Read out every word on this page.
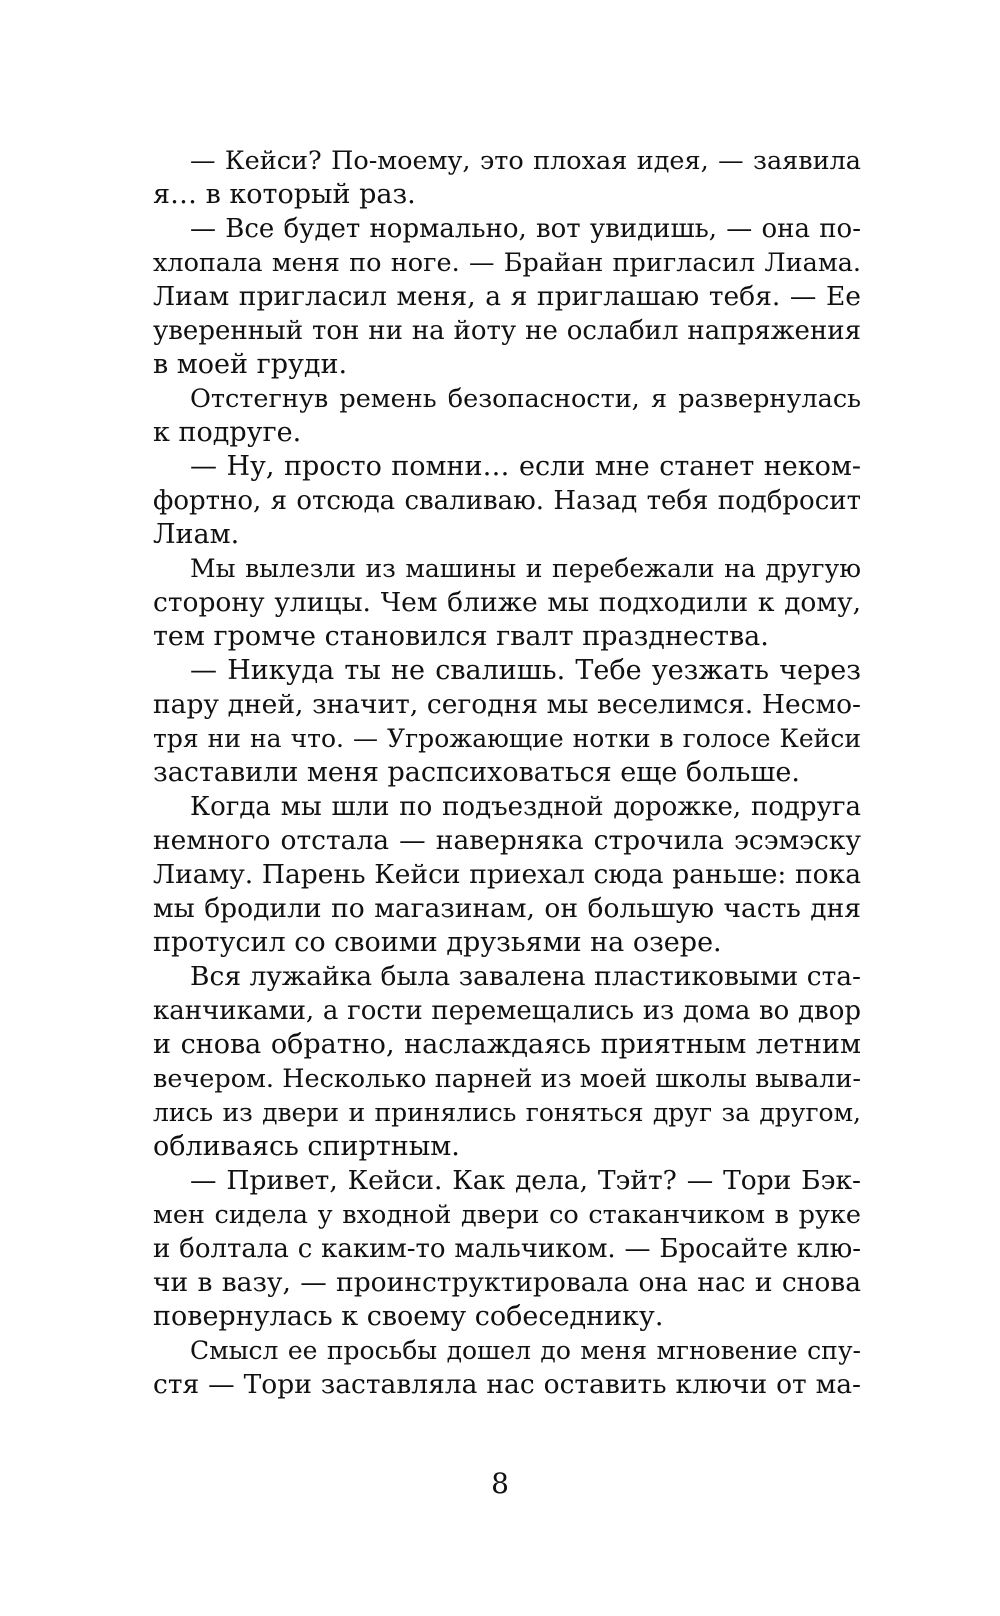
— Кейси? По-моему, это плохая идея, — заявила
я… в который раз.
— Все будет нормально, вот увидишь, — она по-
хлопала меня по ноге. — Брайан пригласил Лиама.
Лиам пригласил меня, а я приглашаю тебя. — Ее
уверенный тон ни на йоту не ослабил напряжения
в моей груди.
Отстегнув ремень безопасности, я развернулась
к подруге.
— Ну, просто помни… если мне станет неком-
фортно, я отсюда сваливаю. Назад тебя подбросит
Лиам.
Мы вылезли из машины и перебежали на другую
сторону улицы. Чем ближе мы подходили к дому,
тем громче становился гвалт празднества.
— Никуда ты не свалишь. Тебе уезжать через
пару дней, значит, сегодня мы веселимся. Несмо-
тря ни на что. — Угрожающие нотки в голосе Кейси
заставили меня распсиховаться еще больше.
Когда мы шли по подъездной дорожке, подруга
немного отстала — наверняка строчила эсэмэску
Лиаму. Парень Кейси приехал сюда раньше: пока
мы бродили по магазинам, он большую часть дня
протусил со своими друзьями на озере.
Вся лужайка была завалена пластиковыми ста-
канчиками, а гости перемещались из дома во двор
и снова обратно, наслаждаясь приятным летним
вечером. Несколько парней из моей школы вывали-
лись из двери и принялись гоняться друг за другом,
обливаясь спиртным.
— Привет, Кейси. Как дела, Тэйт? — Тори Бэк-
мен сидела у входной двери со стаканчиком в руке
и болтала с каким-то мальчиком. — Бросайте клю-
чи в вазу, — проинструктировала она нас и снова
повернулась к своему собеседнику.
Смысл ее просьбы дошел до меня мгновение спу-
стя — Тори заставляла нас оставить ключи от ма-
8
